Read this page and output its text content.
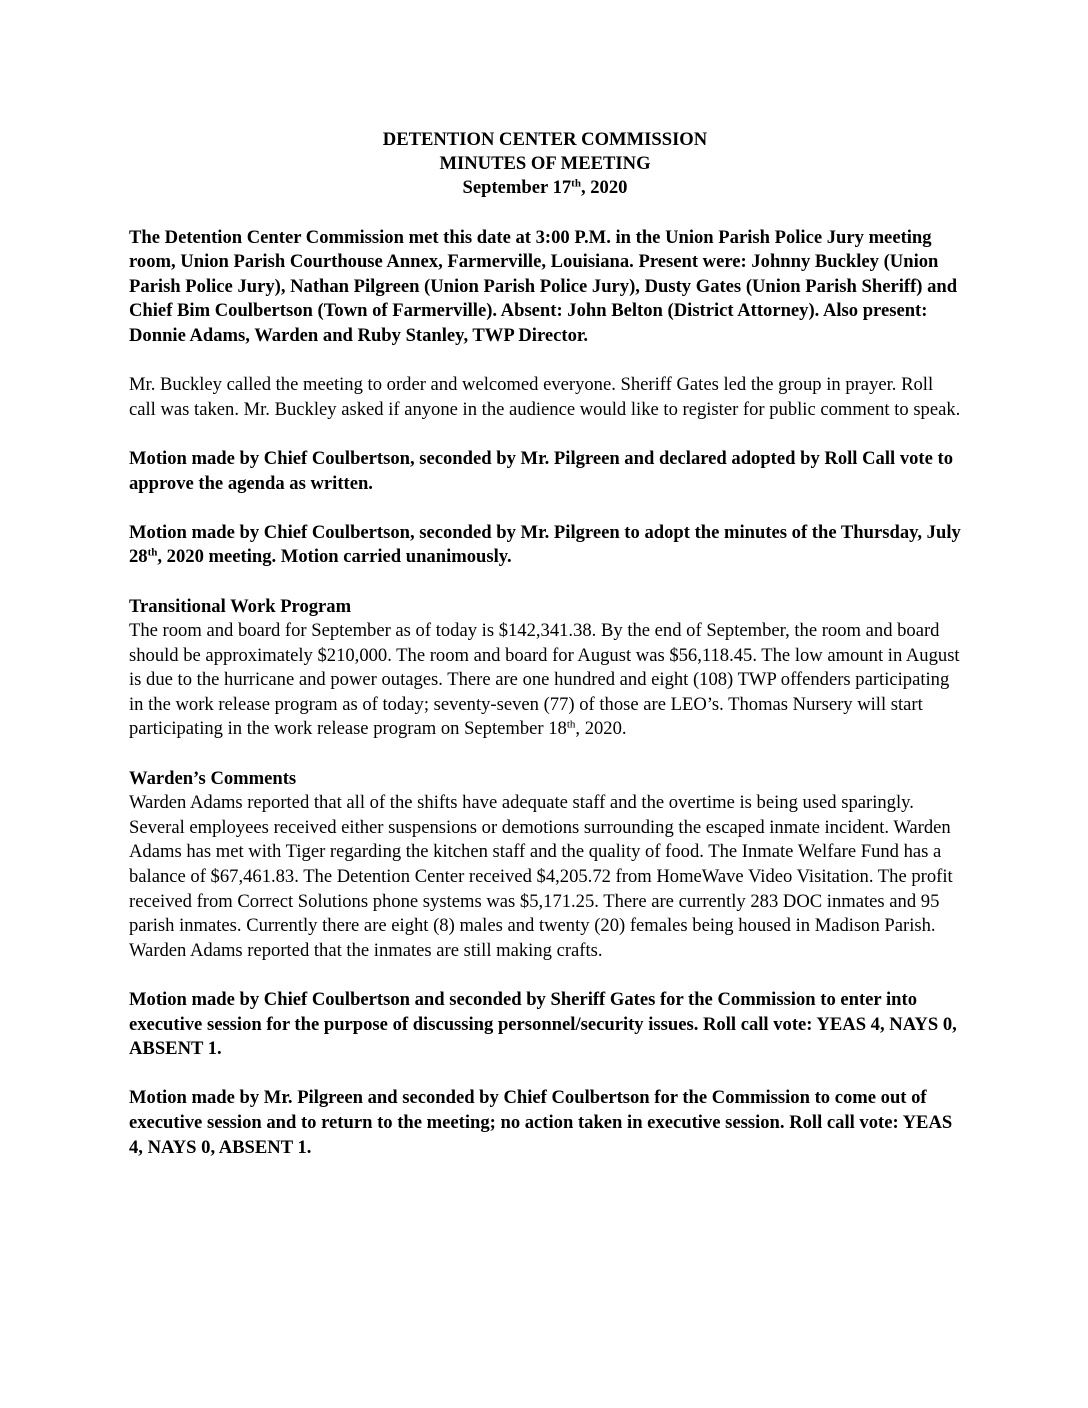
DETENTION CENTER COMMISSION
MINUTES OF MEETING
September 17th, 2020

The Detention Center Commission met this date at 3:00 P.M. in the Union Parish Police Jury meeting room, Union Parish Courthouse Annex, Farmerville, Louisiana. Present were: Johnny Buckley (Union Parish Police Jury), Nathan Pilgreen (Union Parish Police Jury), Dusty Gates (Union Parish Sheriff) and Chief Bim Coulbertson (Town of Farmerville). Absent: John Belton (District Attorney). Also present: Donnie Adams, Warden and Ruby Stanley, TWP Director.

Mr. Buckley called the meeting to order and welcomed everyone. Sheriff Gates led the group in prayer. Roll call was taken. Mr. Buckley asked if anyone in the audience would like to register for public comment to speak.

Motion made by Chief Coulbertson, seconded by Mr. Pilgreen and declared adopted by Roll Call vote to approve the agenda as written.

Motion made by Chief Coulbertson, seconded by Mr. Pilgreen to adopt the minutes of the Thursday, July 28th, 2020 meeting. Motion carried unanimously.

Transitional Work Program
The room and board for September as of today is $142,341.38. By the end of September, the room and board should be approximately $210,000. The room and board for August was $56,118.45. The low amount in August is due to the hurricane and power outages. There are one hundred and eight (108) TWP offenders participating in the work release program as of today; seventy-seven (77) of those are LEO’s. Thomas Nursery will start participating in the work release program on September 18th, 2020.
Warden’s Comments
Warden Adams reported that all of the shifts have adequate staff and the overtime is being used sparingly. Several employees received either suspensions or demotions surrounding the escaped inmate incident. Warden Adams has met with Tiger regarding the kitchen staff and the quality of food. The Inmate Welfare Fund has a balance of $67,461.83. The Detention Center received $4,205.72 from HomeWave Video Visitation. The profit received from Correct Solutions phone systems was $5,171.25. There are currently 283 DOC inmates and 95 parish inmates. Currently there are eight (8) males and twenty (20) females being housed in Madison Parish. Warden Adams reported that the inmates are still making crafts.

Motion made by Chief Coulbertson and seconded by Sheriff Gates for the Commission to enter into executive session for the purpose of discussing personnel/security issues. Roll call vote: YEAS 4, NAYS 0, ABSENT 1.

Motion made by Mr. Pilgreen and seconded by Chief Coulbertson for the Commission to come out of executive session and to return to the meeting; no action taken in executive session. Roll call vote: YEAS 4, NAYS 0, ABSENT 1.
